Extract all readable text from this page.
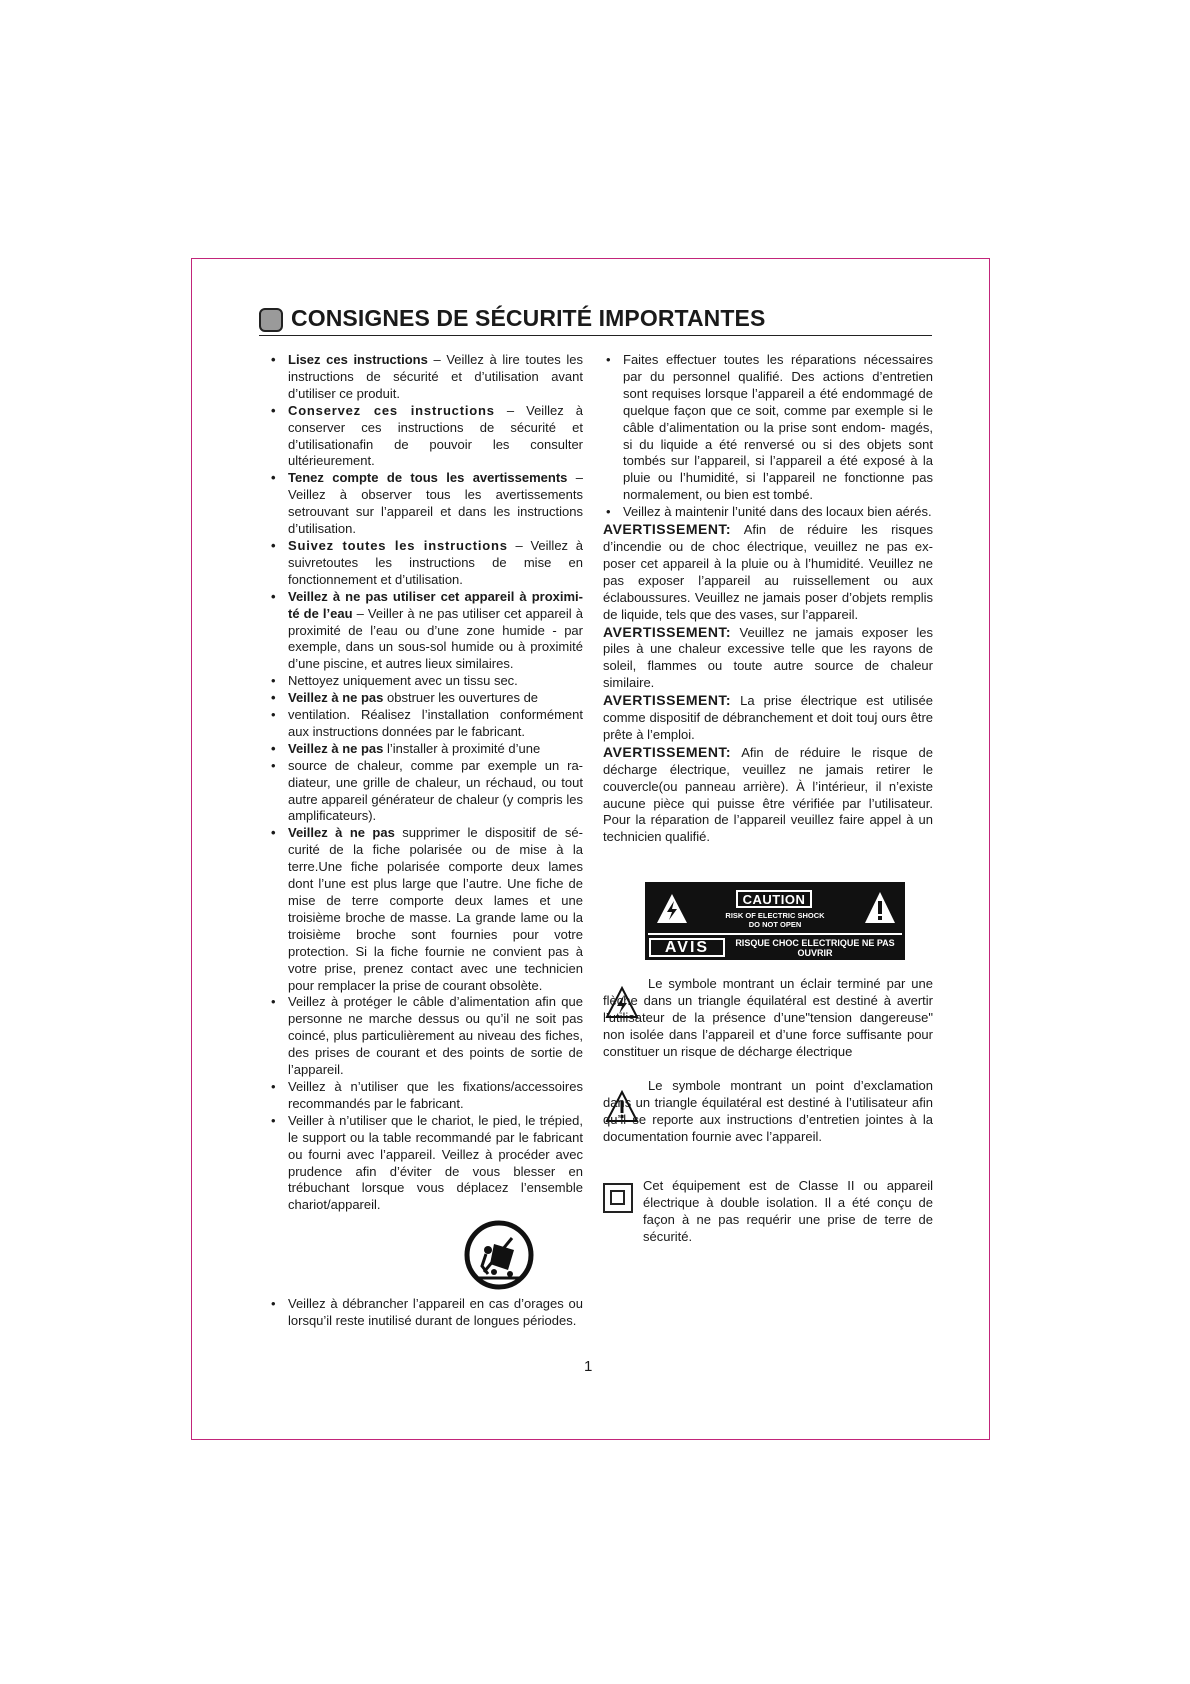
CONSIGNES DE SÉCURITÉ IMPORTANTES

• Lisez ces instructions – Veillez à lire toutes les instructions de sécurité et d’utilisation avant d’utiliser ce produit.

• Conservez ces instructions – Veillez à conserver ces instructions de sécurité et d’utilisationafin de pouvoir les consulter ultérieurement.

• Tenez compte de tous les avertissements – Veillez à observer tous les avertissements setrouvant sur l’appareil et dans les instructions d’utilisation.

• Suivez toutes les instructions – Veillez à suivretoutes les instructions de mise en fonctionnement et d’utilisation.

• Veillez à ne pas utiliser cet appareil à proximi- té de l’eau – Veiller à ne pas utiliser cet appareil à proximité de l’eau ou d’une zone humide - par exemple, dans un sous-sol humide ou à proximité d’une piscine, et autres lieux similaires.

• Nettoyez uniquement avec un tissu sec.

• Veillez à ne pas obstruer les ouvertures de

• ventilation. Réalisez l’installation conformément aux instructions données par le fabricant.

• Veillez à ne pas l’installer à proximité d’une

• source de chaleur, comme par exemple un ra- diateur, une grille de chaleur, un réchaud, ou tout autre appareil générateur de chaleur (y compris les amplificateurs).

• Veillez à ne pas supprimer le dispositif de sé- curité de la fiche polarisée ou de mise à la terre.Une fiche polarisée comporte deux lames dont l’une est plus large que l’autre. Une fiche de mise de terre comporte deux lames et une troisième broche de masse. La grande lame ou la troisième broche sont fournies pour votre protection. Si la fiche fournie ne convient pas à votre prise, prenez contact avec une technicien pour remplacer la prise de courant obsolète.

• Veillez à protéger le câble d’alimentation afin que personne ne marche dessus ou qu’il ne soit pas coincé, plus particulièrement au niveau des fiches, des prises de courant et des points de sortie de l’appareil.

• Veillez à n’utiliser que les fixations/accessoires recommandés par le fabricant.

• Veiller à n’utiliser que le chariot, le pied, le trépied, le support ou la table recommandé par le fabricant ou fourni avec l’appareil. Veillez à procéder avec prudence afin d’éviter de vous blesser en trébuchant lorsque vous déplacez l’ensemble chariot/appareil.

• Veillez à débrancher l’appareil en cas d’orages ou lorsqu’il reste inutilisé durant de longues périodes.

• Faites effectuer toutes les réparations nécessaires par du personnel qualifié. Des actions d’entretien sont requises lorsque l’appareil a été endommagé de quelque façon que ce soit, comme par exemple si le câble d’alimentation ou la prise sont endom- magés, si du liquide a été renversé ou si des objets sont tombés sur l’appareil, si l’appareil a été exposé à la pluie ou l’humidité, si l’appareil ne fonctionne pas normalement, ou bien est tombé.

• Veillez à maintenir l’unité dans des locaux bien aérés.

AVERTISSEMENT: Afin de réduire les risques d’incendie ou de choc électrique, veuillez ne pas ex- poser cet appareil à la pluie ou à l’humidité. Veuillez ne pas exposer l’appareil au ruissellement ou aux éclaboussures. Veuillez ne jamais poser d’objets remplis de liquide, tels que des vases, sur l’appareil.

AVERTISSEMENT: Veuillez ne jamais exposer les piles à une chaleur excessive telle que les rayons de soleil, flammes ou toute autre source de chaleur similaire.

AVERTISSEMENT: La prise électrique est utilisée comme dispositif de débranchement et doit touj ours être prête à l’emploi.

AVERTISSEMENT: Afin de réduire le risque de décharge électrique, veuillez ne jamais retirer le couvercle(ou panneau arrière). À l’intérieur, il n’existe aucune pièce qui puisse être vérifiée par l’utilisateur. Pour la réparation de l’appareil veuillez faire appel à un technicien qualifié.

CAUTION
RISK OF ELECTRIC SHOCK
DO NOT OPEN
AVIS	RISQUE CHOC ELECTRIQUE NE PAS OUVRIR
Le symbole montrant un éclair terminé par une flèche dans un triangle équilatéral est destiné à avertir l’utilisateur de la présence d’une"tension dangereuse" non isolée dans l’appareil et d’une force suffisante pour constituer un risque de décharge électrique
Le symbole montrant un point d’exclamation dans un triangle équilatéral est destiné à l’utilisateur afin qu’il se reporte aux instructions d’entretien jointes à la documentation fournie avec l’appareil.
Cet équipement est de Classe II ou appareil électrique à double isolation. Il a été conçu de façon à ne pas requérir une prise de terre de sécurité.
1
